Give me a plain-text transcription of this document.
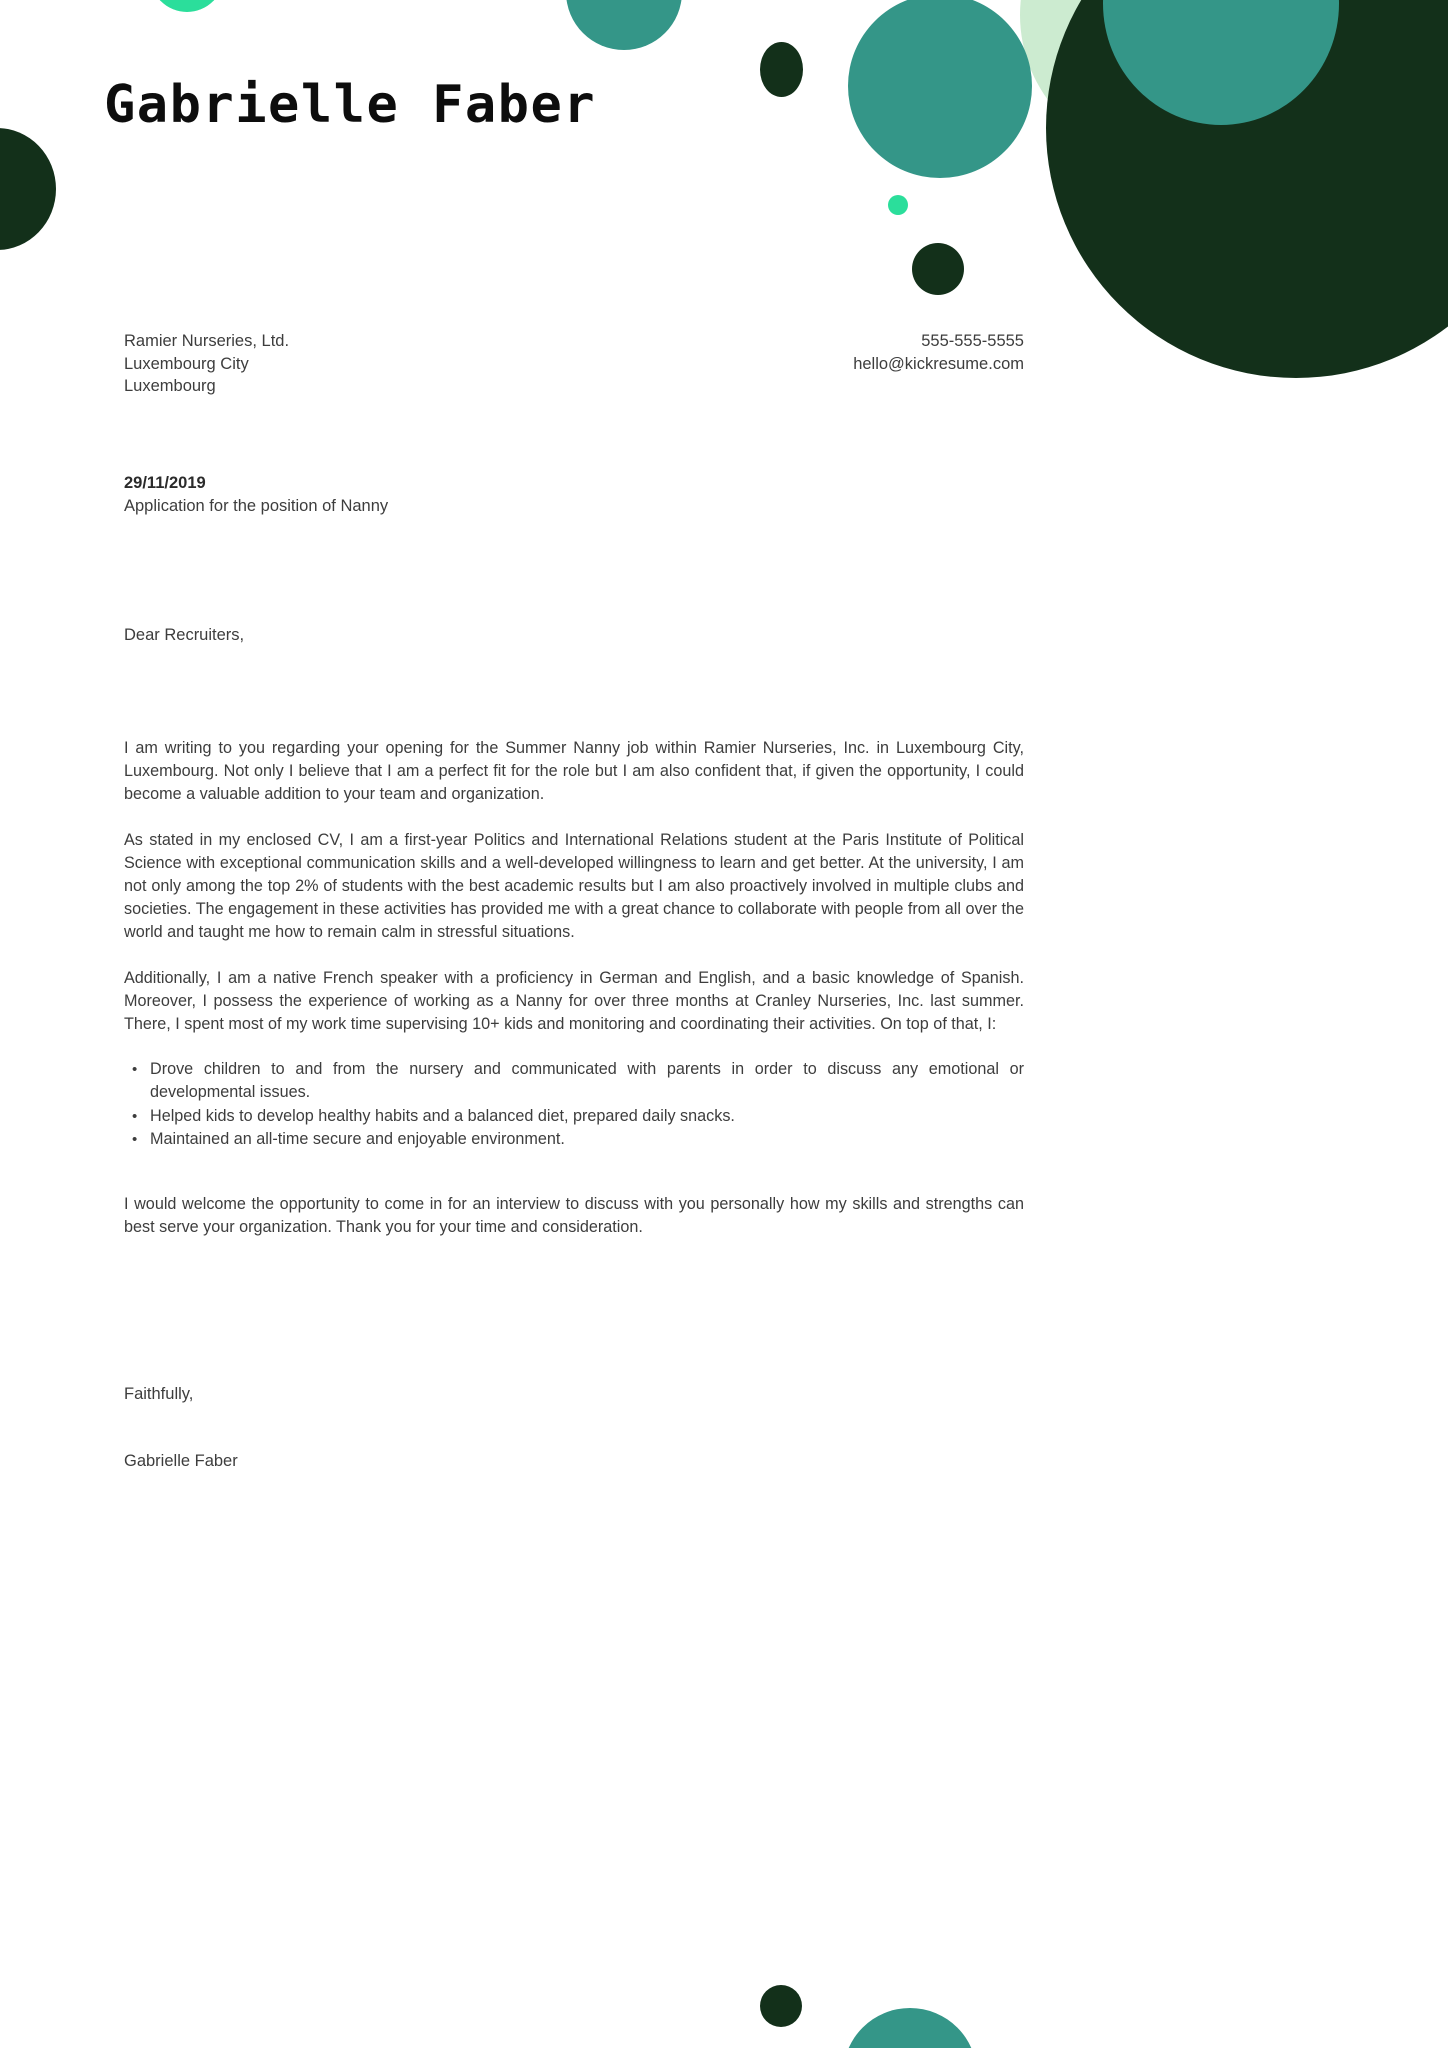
Gabrielle Faber
Ramier Nurseries, Ltd.
Luxembourg City
Luxembourg
555-555-5555
hello@kickresume.com
29/11/2019
Application for the position of Nanny
Dear Recruiters,

I am writing to you regarding your opening for the Summer Nanny job within Ramier Nurseries, Inc. in Luxembourg City, Luxembourg. Not only I believe that I am a perfect fit for the role but I am also confident that, if given the opportunity, I could become a valuable addition to your team and organization.

As stated in my enclosed CV, I am a first-year Politics and International Relations student at the Paris Institute of Political Science with exceptional communication skills and a well-developed willingness to learn and get better. At the university, I am not only among the top 2% of students with the best academic results but I am also proactively involved in multiple clubs and societies. The engagement in these activities has provided me with a great chance to collaborate with people from all over the world and taught me how to remain calm in stressful situations.

Additionally, I am a native French speaker with a proficiency in German and English, and a basic knowledge of Spanish. Moreover, I possess the experience of working as a Nanny for over three months at Cranley Nurseries, Inc. last summer. There, I spent most of my work time supervising 10+ kids and monitoring and coordinating their activities. On top of that, I:

• Drove children to and from the nursery and communicated with parents in order to discuss any emotional or developmental issues.
• Helped kids to develop healthy habits and a balanced diet, prepared daily snacks.
• Maintained an all-time secure and enjoyable environment.

I would welcome the opportunity to come in for an interview to discuss with you personally how my skills and strengths can best serve your organization. Thank you for your time and consideration.

Faithfully,
Gabrielle Faber
